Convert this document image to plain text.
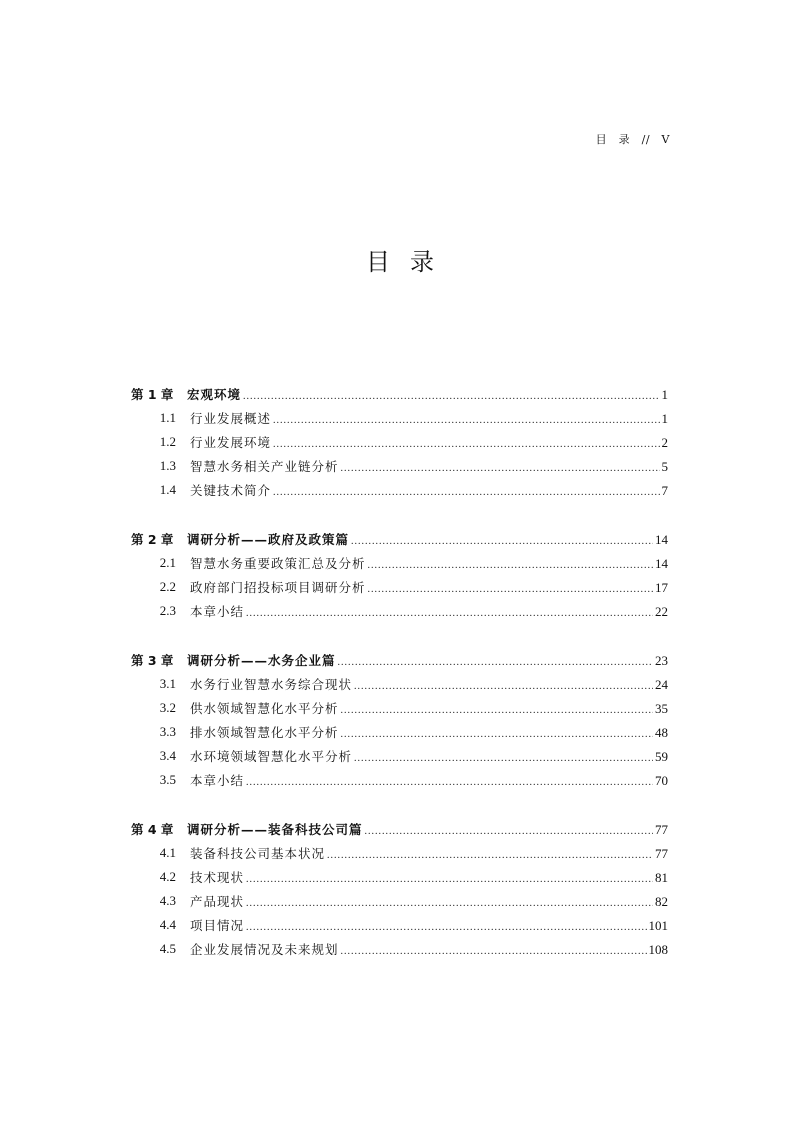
目　录　//　V
目录
第 1 章 宏观环境 .....	1
1.1 行业发展概述 .....	1
1.2 行业发展环境 .....	2
1.3 智慧水务相关产业链分析 .....	5
1.4 关键技术简介 .....	7
第 2 章 调研分析——政府及政策篇 .....	14
2.1 智慧水务重要政策汇总及分析 .....	14
2.2 政府部门招投标项目调研分析 .....	17
2.3 本章小结 .....	22
第 3 章 调研分析——水务企业篇 .....	23
3.1 水务行业智慧水务综合现状 .....	24
3.2 供水领域智慧化水平分析 .....	35
3.3 排水领域智慧化水平分析 .....	48
3.4 水环境领域智慧化水平分析 .....	59
3.5 本章小结 .....	70
第 4 章 调研分析——装备科技公司篇 .....	77
4.1 装备科技公司基本状况 .....	77
4.2 技术现状 .....	81
4.3 产品现状 .....	82
4.4 项目情况 .....	101
4.5 企业发展情况及未来规划 .....	108
